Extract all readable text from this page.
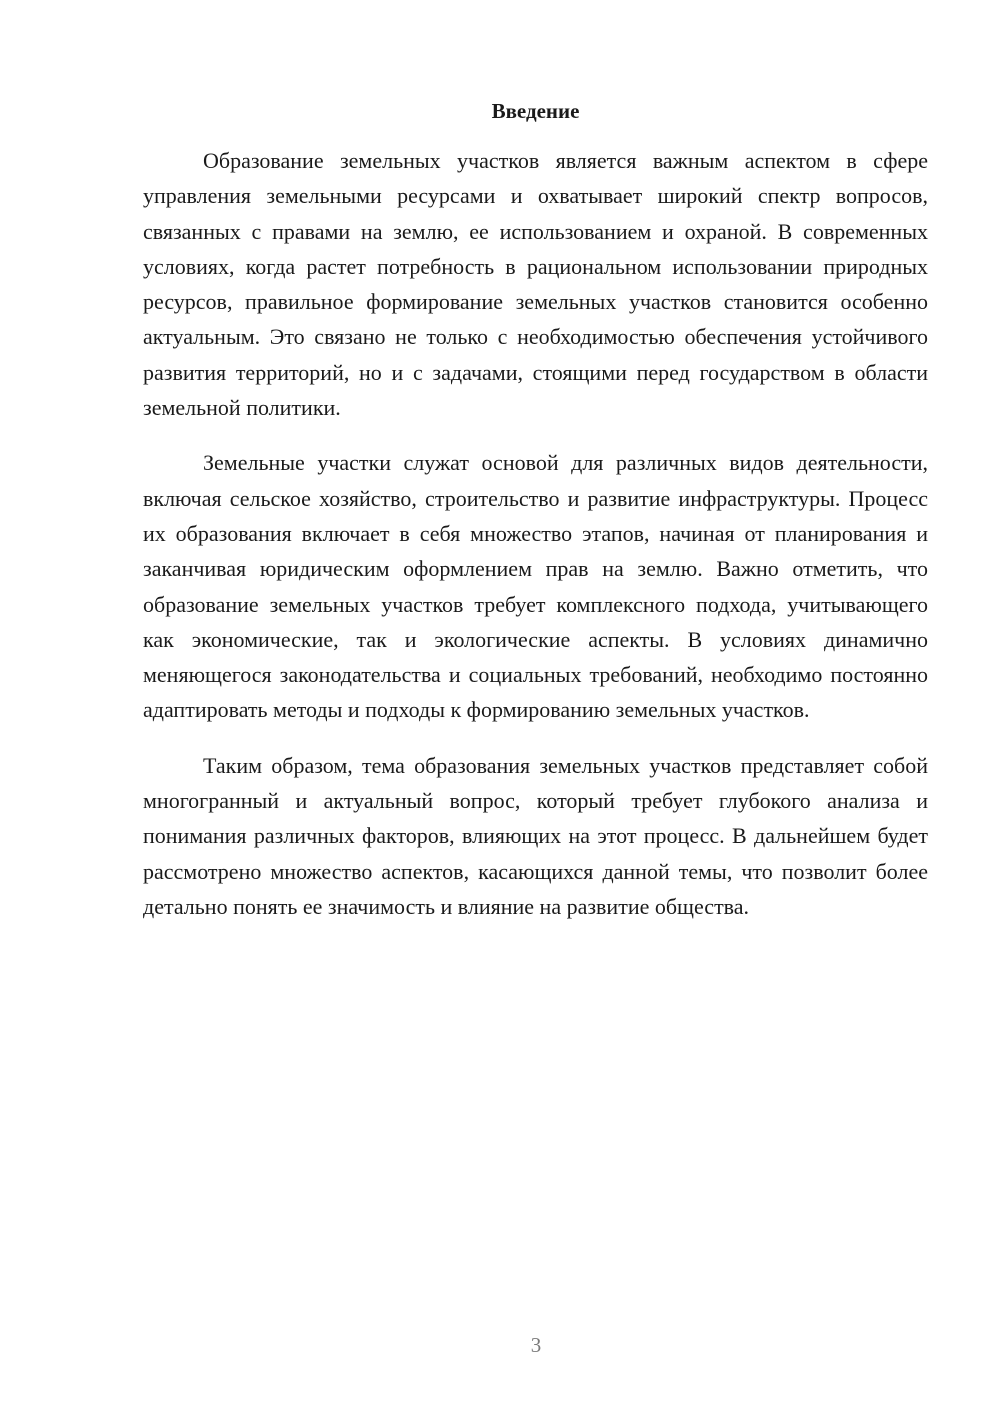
Введение

Образование земельных участков является важным аспектом в сфере управления земельными ресурсами и охватывает широкий спектр вопросов, связанных с правами на землю, ее использованием и охраной. В современных условиях, когда растет потребность в рациональном использовании природных ресурсов, правильное формирование земельных участков становится особенно актуальным. Это связано не только с необходимостью обеспечения устойчивого развития территорий, но и с задачами, стоящими перед государством в области земельной политики.

Земельные участки служат основой для различных видов деятельности, включая сельское хозяйство, строительство и развитие инфраструктуры. Процесс их образования включает в себя множество этапов, начиная от планирования и заканчивая юридическим оформлением прав на землю. Важно отметить, что образование земельных участков требует комплексного подхода, учитывающего как экономические, так и экологические аспекты. В условиях динамично меняющегося законодательства и социальных требований, необходимо постоянно адаптировать методы и подходы к формированию земельных участков.

Таким образом, тема образования земельных участков представляет собой многогранный и актуальный вопрос, который требует глубокого анализа и понимания различных факторов, влияющих на этот процесс. В дальнейшем будет рассмотрено множество аспектов, касающихся данной темы, что позволит более детально понять ее значимость и влияние на развитие общества.

3
